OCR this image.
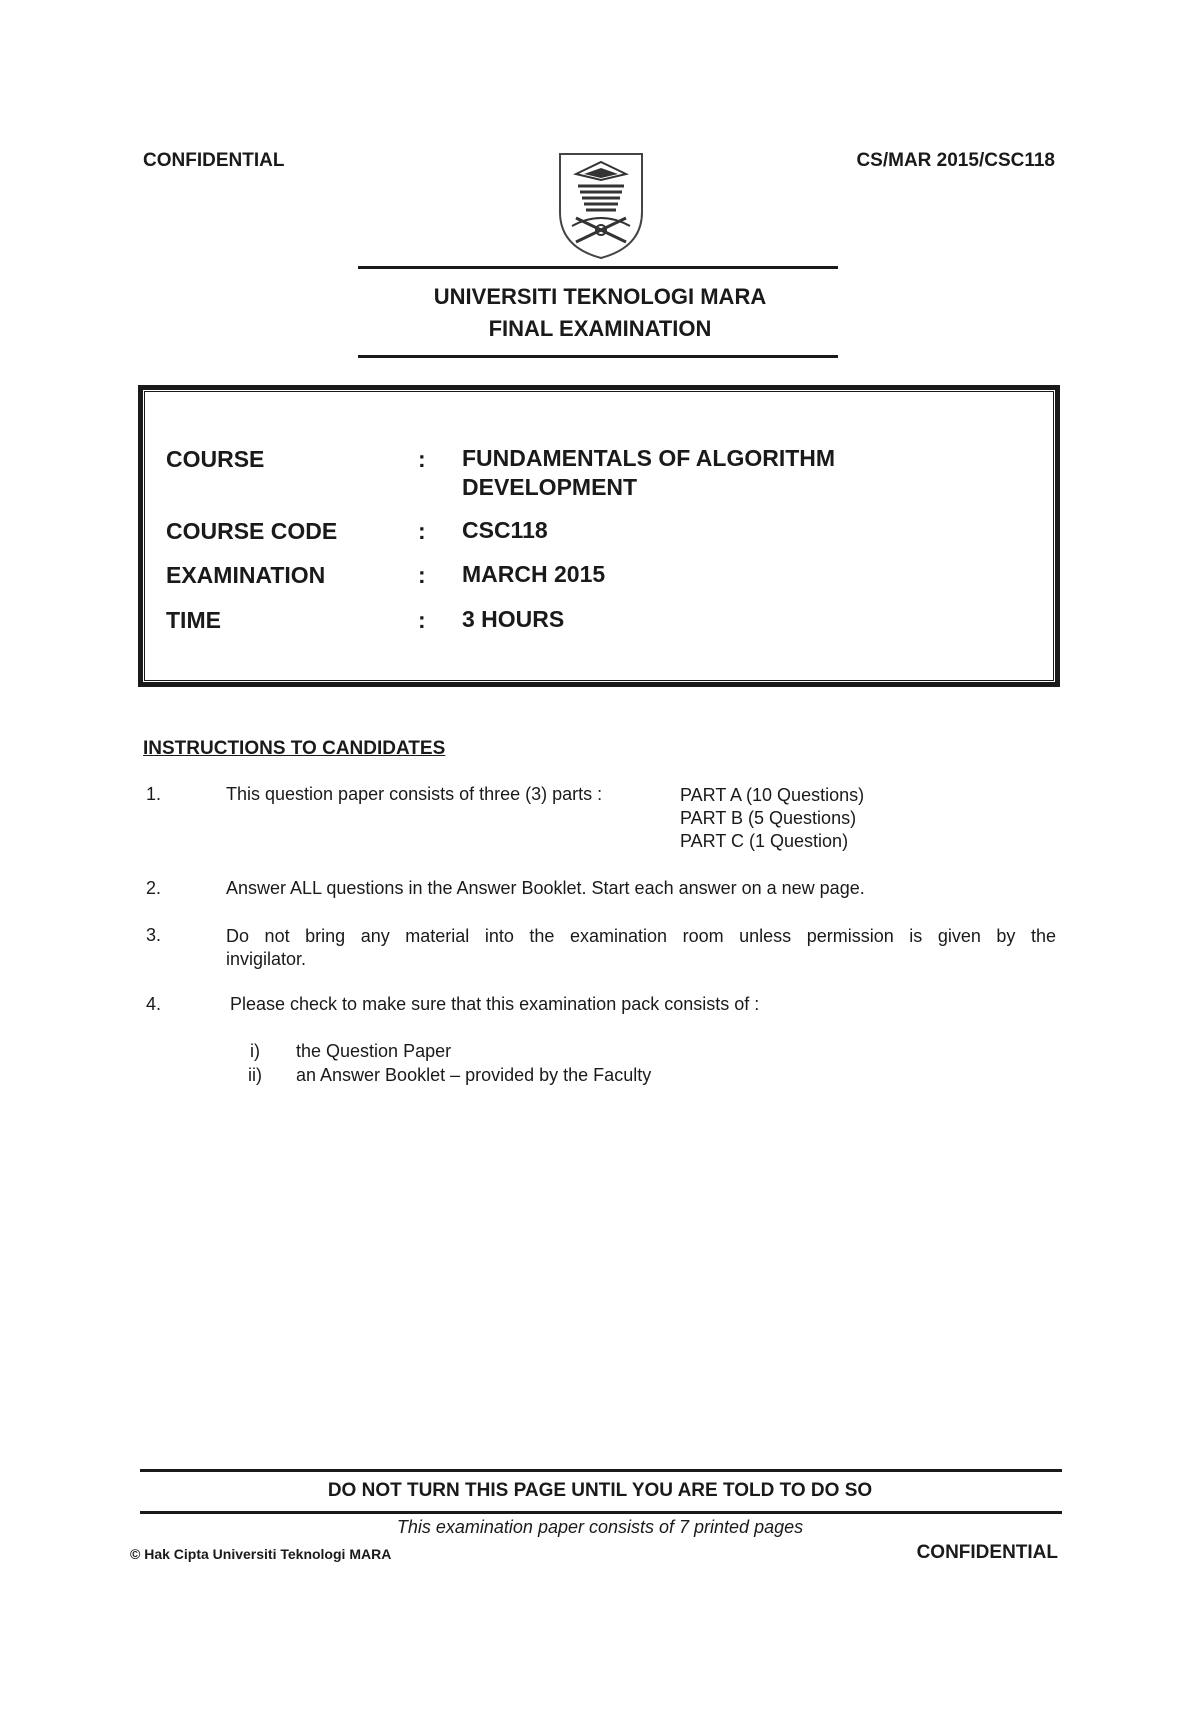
CONFIDENTIAL	CS/MAR 2015/CSC118
UNIVERSITI TEKNOLOGI MARA
FINAL EXAMINATION
COURSE	: FUNDAMENTALS OF ALGORITHM
DEVELOPMENT
COURSE CODE	: CSC118
EXAMINATION	: MARCH 2015
TIME	: 3 HOURS
INSTRUCTIONS TO CANDIDATES
1.	This question paper consists of three (3) parts :	PART A (10 Questions)
PART B (5 Questions)
PART C (1 Question)
2.	Answer ALL questions in the Answer Booklet. Start each answer on a new page.
3.	Do not bring any material into the examination room unless permission is given by the
invigilator.
4.	Please check to make sure that this examination pack consists of :
i) the Question Paper
ii) an Answer Booklet – provided by the Faculty
DO NOT TURN THIS PAGE UNTIL YOU ARE TOLD TO DO SO
This examination paper consists of 7 printed pages
© Hak Cipta Universiti Teknologi MARA	CONFIDENTIAL
